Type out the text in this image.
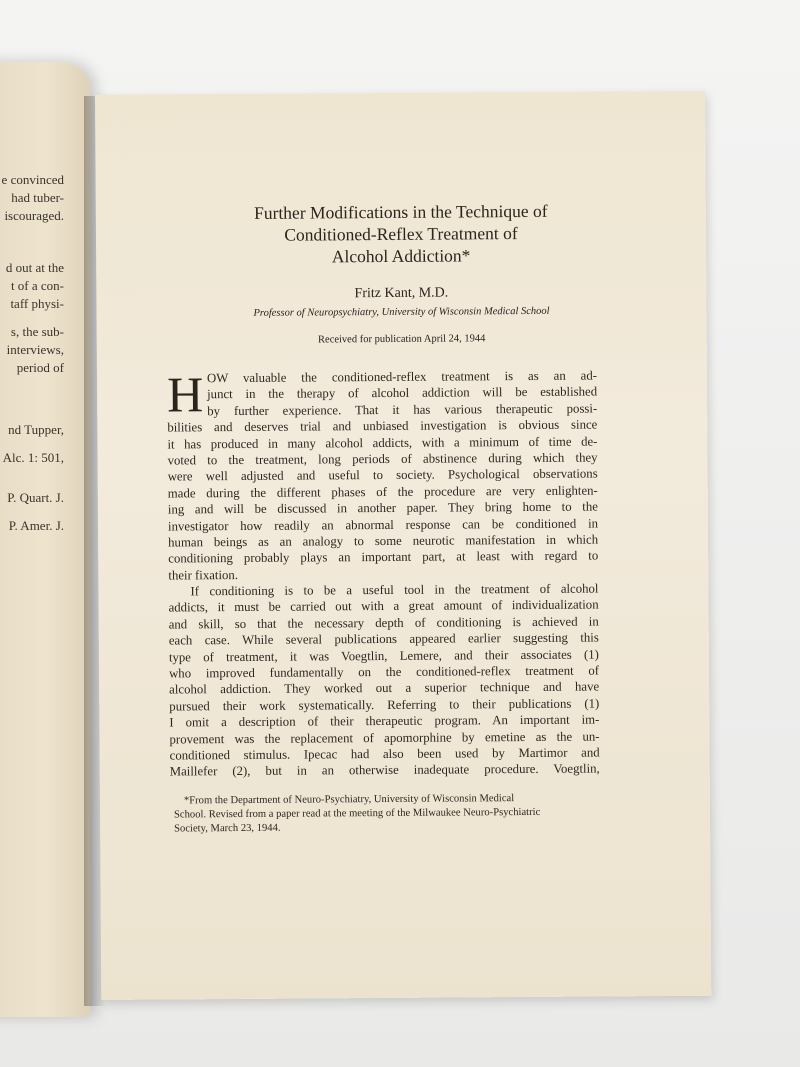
e convinced
had tuber-
iscouraged.
d out at the
t of a con-
taff physi-
s, the sub-
interviews,
period of
nd Tupper,
Alc. 1: 501,
P. Quart. J.
P. Amer. J.
Further Modifications in the Technique of
Conditioned-Reflex Treatment of
Alcohol Addiction*
Fritz Kant, M.D.
Professor of Neuropsychiatry, University of Wisconsin Medical School
Received for publication April 24, 1944
H OW valuable the conditioned-reflex treatment is as an ad-
junct in the therapy of alcohol addiction will be established
by further experience. That it has various therapeutic possi-
bilities and deserves trial and unbiased investigation is obvious since
it has produced in many alcohol addicts, with a minimum of time de-
voted to the treatment, long periods of abstinence during which they
were well adjusted and useful to society. Psychological observations
made during the different phases of the procedure are very enlighten-
ing and will be discussed in another paper. They bring home to the
investigator how readily an abnormal response can be conditioned in
human beings as an analogy to some neurotic manifestation in which
conditioning probably plays an important part, at least with regard to
their fixation.
If conditioning is to be a useful tool in the treatment of alcohol
addicts, it must be carried out with a great amount of individualization
and skill, so that the necessary depth of conditioning is achieved in
each case. While several publications appeared earlier suggesting this
type of treatment, it was Voegtlin, Lemere, and their associates (1)
who improved fundamentally on the conditioned-reflex treatment of
alcohol addiction. They worked out a superior technique and have
pursued their work systematically. Referring to their publications (1)
I omit a description of their therapeutic program. An important im-
provement was the replacement of apomorphine by emetine as the un-
conditioned stimulus. Ipecac had also been used by Martimor and
Maillefer (2), but in an otherwise inadequate procedure. Voegtlin,
*From the Department of Neuro-Psychiatry, University of Wisconsin Medical
School. Revised from a paper read at the meeting of the Milwaukee Neuro-Psychiatric
Society, March 23, 1944.
